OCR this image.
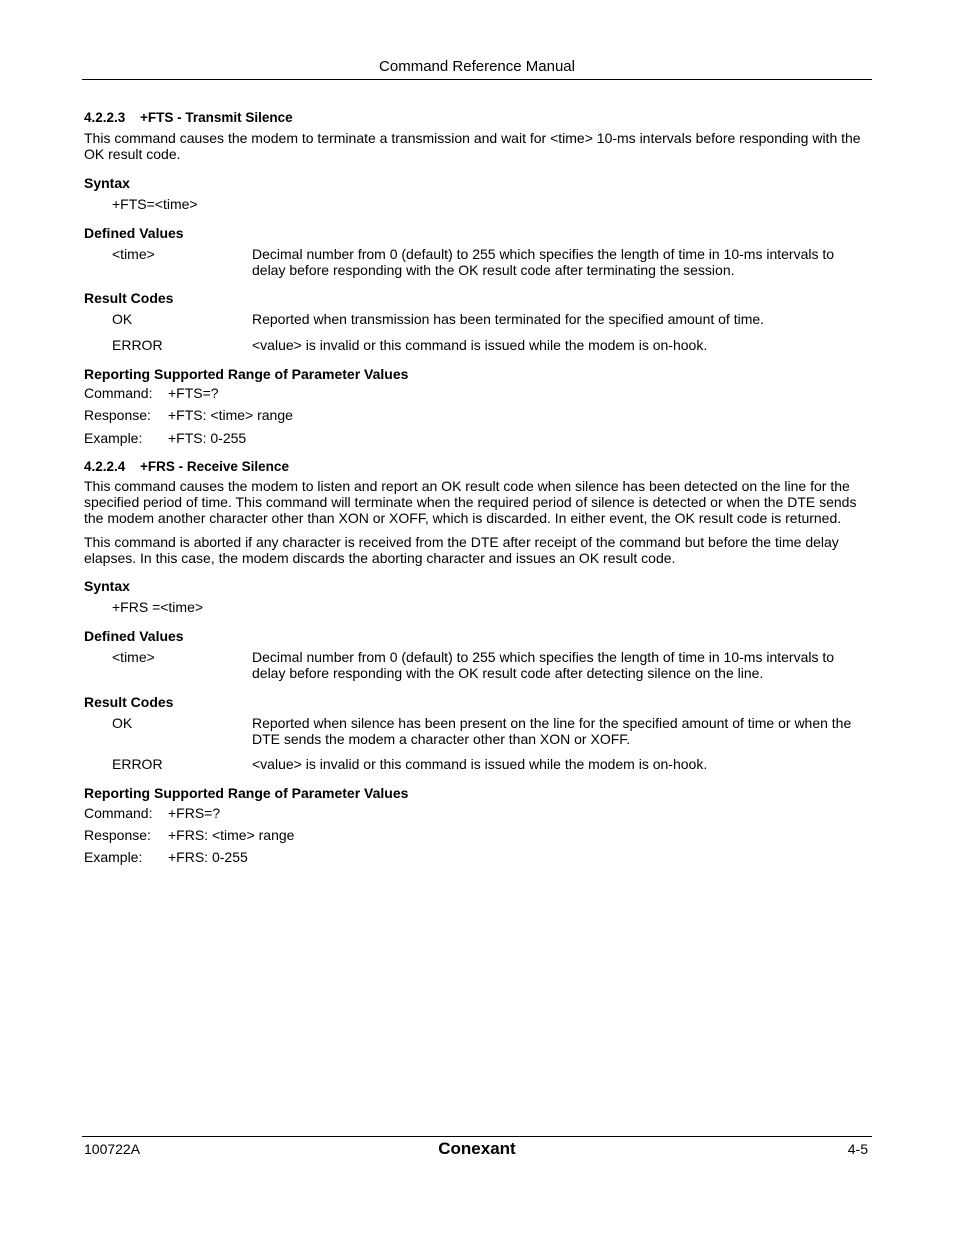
Command Reference Manual
4.2.2.3 +FTS - Transmit Silence
This command causes the modem to terminate a transmission and wait for <time> 10-ms intervals before responding with the OK result code.
Syntax
+FTS=<time>
Defined Values
<time>	Decimal number from 0 (default) to 255 which specifies the length of time in 10-ms intervals to delay before responding with the OK result code after terminating the session.
Result Codes
OK	Reported when transmission has been terminated for the specified amount of time.
ERROR	<value> is invalid or this command is issued while the modem is on-hook.
Reporting Supported Range of Parameter Values
Command: +FTS=?
Response: +FTS: <time> range
Example: +FTS: 0-255
4.2.2.4 +FRS - Receive Silence
This command causes the modem to listen and report an OK result code when silence has been detected on the line for the specified period of time. This command will terminate when the required period of silence is detected or when the DTE sends the modem another character other than XON or XOFF, which is discarded. In either event, the OK result code is returned.
This command is aborted if any character is received from the DTE after receipt of the command but before the time delay elapses. In this case, the modem discards the aborting character and issues an OK result code.
Syntax
+FRS =<time>
Defined Values
<time>	Decimal number from 0 (default) to 255 which specifies the length of time in 10-ms intervals to delay before responding with the OK result code after detecting silence on the line.
Result Codes
OK	Reported when silence has been present on the line for the specified amount of time or when the DTE sends the modem a character other than XON or XOFF.
ERROR	<value> is invalid or this command is issued while the modem is on-hook.
Reporting Supported Range of Parameter Values
Command: +FRS=?
Response: +FRS: <time> range
Example: +FRS: 0-255
100722A	Conexant	4-5
